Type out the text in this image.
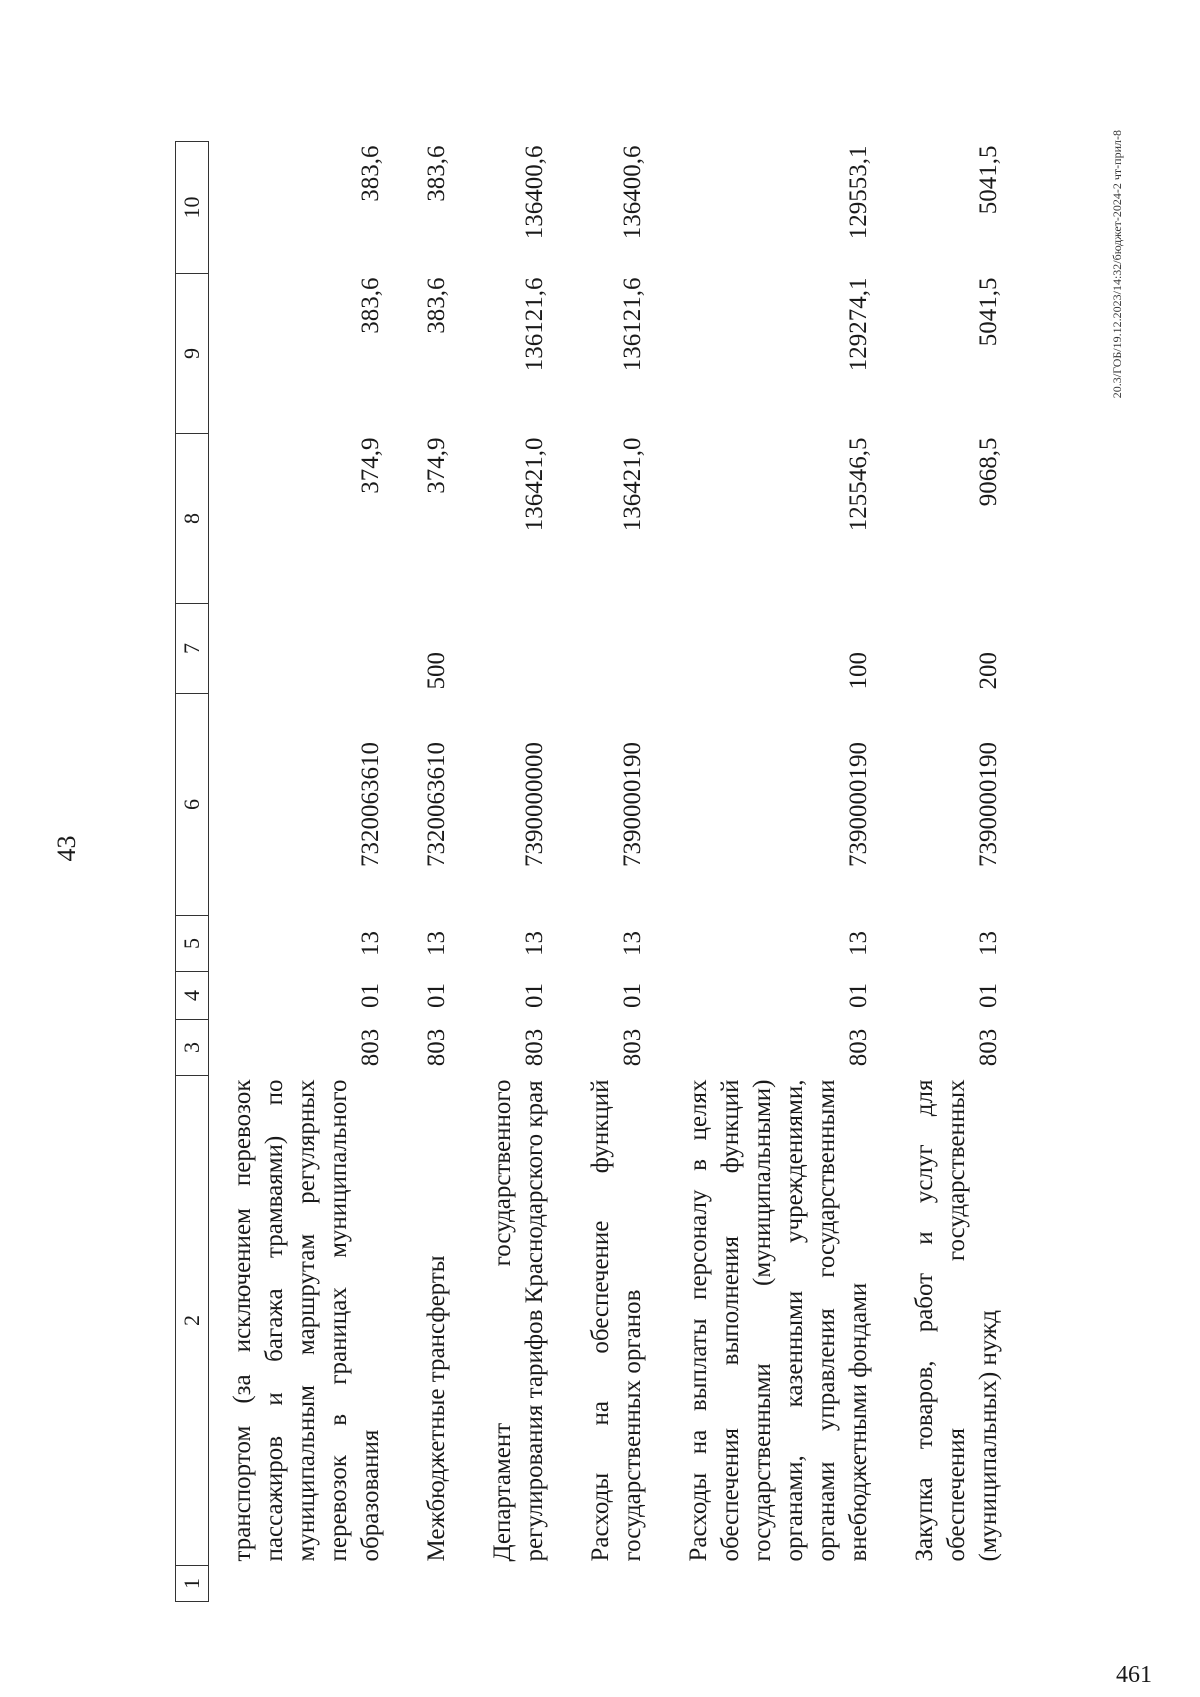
43
1	2	3	4	5	6	7	8	9	10
	транспортом (за исключением перевозок пассажиров и багажа трамваями) по муниципальным маршрутам регулярных перевозок в границах муниципального образования	803	01	13	7320063610		374,9	383,6	383,6
	Межбюджетные трансферты	803	01	13	7320063610	500	374,9	383,6	383,6
	Департамент государственного регулирования тарифов Краснодарского края	803	01	13	7390000000		136421,0	136121,6	136400,6
	Расходы на обеспечение функций государственных органов	803	01	13	7390000190		136421,0	136121,6	136400,6
	Расходы на выплаты персоналу в целях обеспечения выполнения функций государственными (муниципальными) органами, казенными учреждениями, органами управления государственными внебюджетными фондами	803	01	13	7390000190	100	125546,5	129274,1	129553,1
	Закупка товаров, работ и услуг для обеспечения государственных (муниципальных) нужд	803	01	13	7390000190	200	9068,5	5041,5	5041,5	20.3/ГОБ/19.12.2023/14:32/бюджет-2024-2 чт-прил-8
461
